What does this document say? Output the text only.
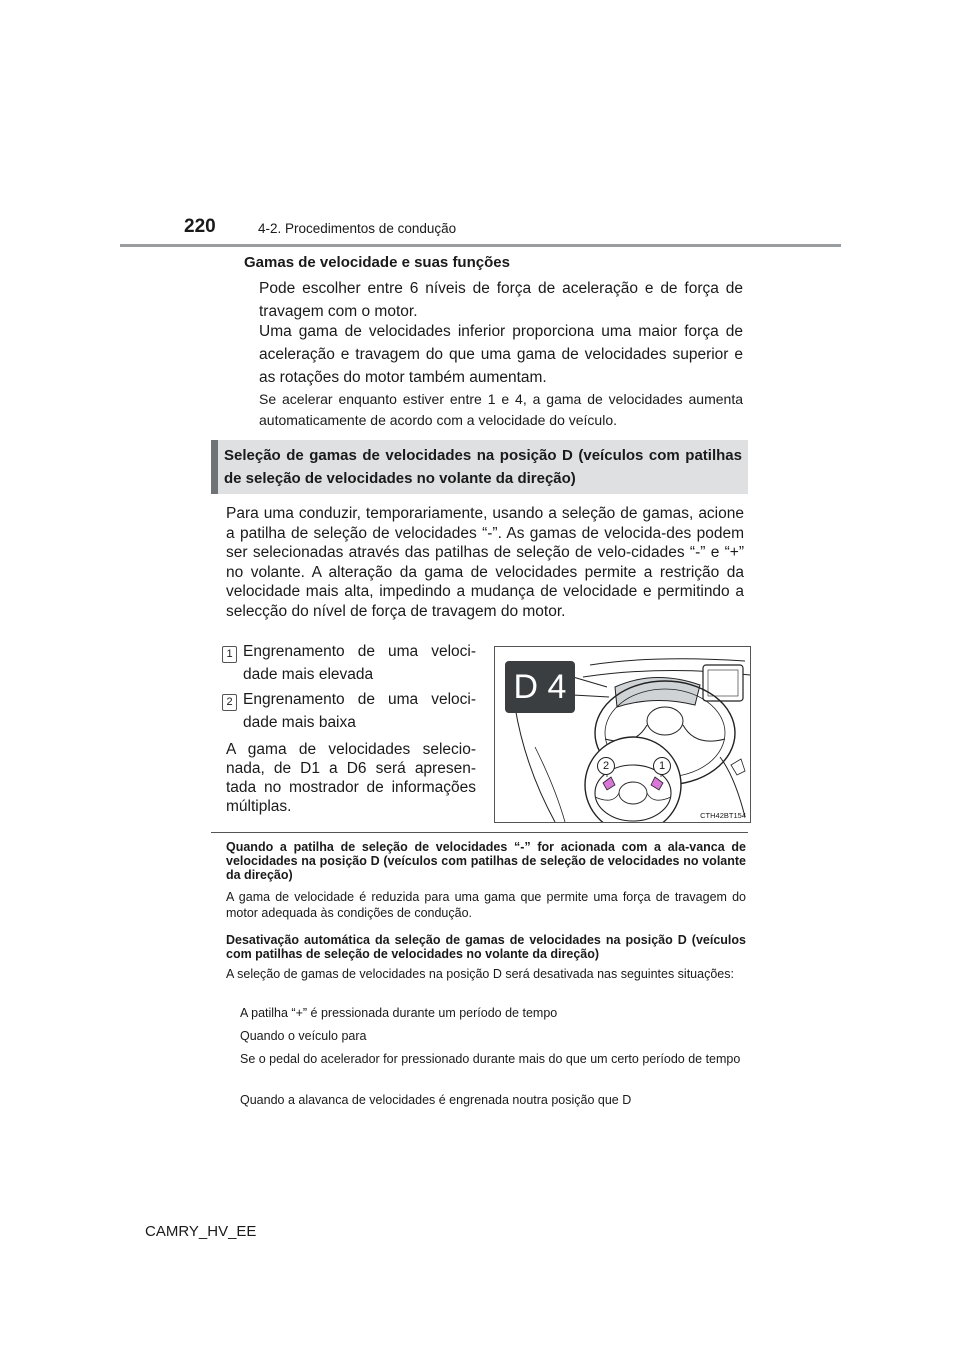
220	4-2. Procedimentos de condução
Gamas de velocidade e suas funções
Pode escolher entre 6 níveis de força de aceleração e de força de travagem com o motor.
Uma gama de velocidades inferior proporciona uma maior força de aceleração e travagem do que uma gama de velocidades superior e as rotações do motor também aumentam.
Se acelerar enquanto estiver entre 1 e 4, a gama de velocidades aumenta automaticamente de acordo com a velocidade do veículo.
Seleção de gamas de velocidades na posição D (veículos com patilhas de seleção de velocidades no volante da direção)
Para uma conduzir, temporariamente, usando a seleção de gamas, acione a patilha de seleção de velocidades “-”. As gamas de velocida-des podem ser selecionadas através das patilhas de seleção de velo-cidades “-” e “+” no volante. A alteração da gama de velocidades permite a restrição da velocidade mais alta, impedindo a mudança de velocidade e permitindo a selecção do nível de força de travagem do motor.
1 Engrenamento de uma veloci-dade mais elevada
2 Engrenamento de uma veloci-dade mais baixa
A gama de velocidades selecio-nada, de D1 a D6 será apresen-tada no mostrador de informações múltiplas.
D 4
2	1
CTH42BT154
Quando a patilha de seleção de velocidades “-” for acionada com a ala-vanca de velocidades na posição D (veículos com patilhas de seleção de velocidades no volante da direção)
A gama de velocidade é reduzida para uma gama que permite uma força de travagem do motor adequada às condições de condução.
Desativação automática da seleção de gamas de velocidades na posição D (veículos com patilhas de seleção de velocidades no volante da direção)
A seleção de gamas de velocidades na posição D será desativada nas seguintes situações:
A patilha “+” é pressionada durante um período de tempo
Quando o veículo para
Se o pedal do acelerador for pressionado durante mais do que um certo período de tempo
Quando a alavanca de velocidades é engrenada noutra posição que D
CAMRY_HV_EE
